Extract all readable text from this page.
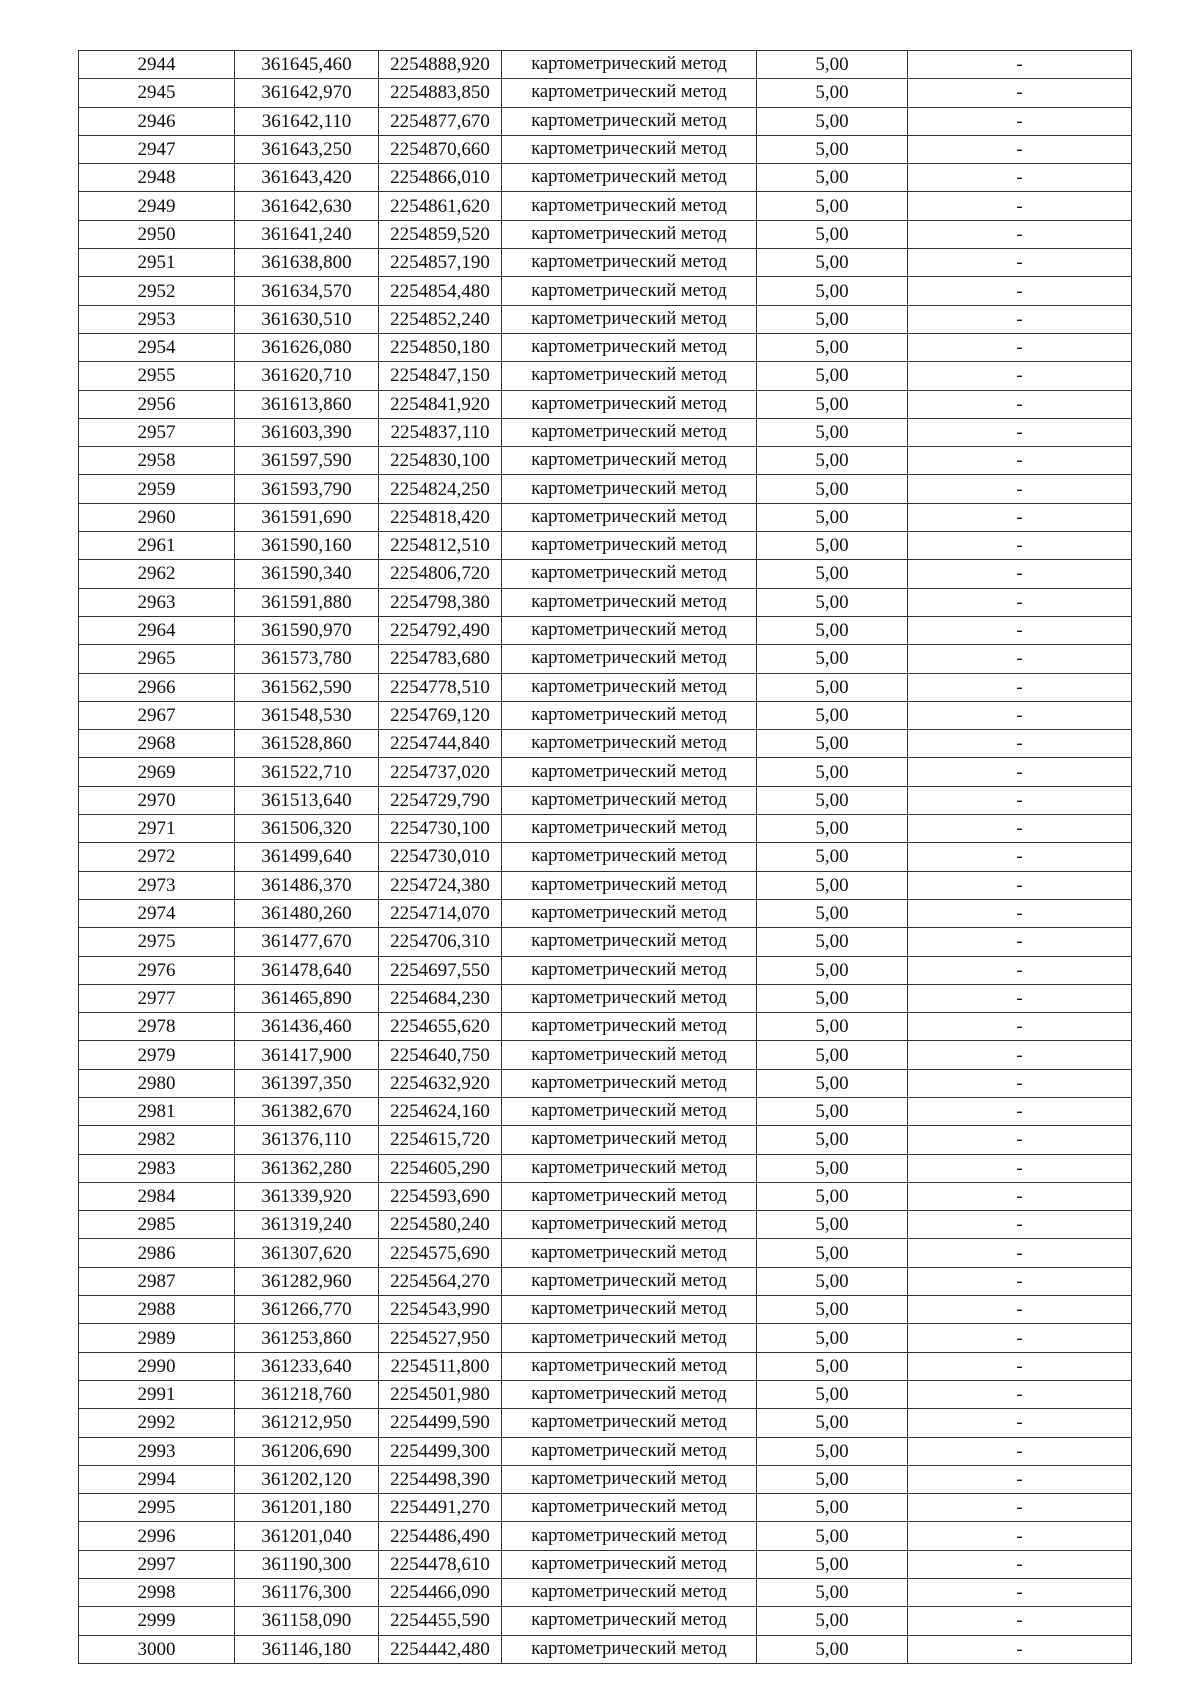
2944	361645,460	2254888,920	картометрический метод	5,00	-
2945	361642,970	2254883,850	картометрический метод	5,00	-
2946	361642,110	2254877,670	картометрический метод	5,00	-
2947	361643,250	2254870,660	картометрический метод	5,00	-
2948	361643,420	2254866,010	картометрический метод	5,00	-
2949	361642,630	2254861,620	картометрический метод	5,00	-
2950	361641,240	2254859,520	картометрический метод	5,00	-
2951	361638,800	2254857,190	картометрический метод	5,00	-
2952	361634,570	2254854,480	картометрический метод	5,00	-
2953	361630,510	2254852,240	картометрический метод	5,00	-
2954	361626,080	2254850,180	картометрический метод	5,00	-
2955	361620,710	2254847,150	картометрический метод	5,00	-
2956	361613,860	2254841,920	картометрический метод	5,00	-
2957	361603,390	2254837,110	картометрический метод	5,00	-
2958	361597,590	2254830,100	картометрический метод	5,00	-
2959	361593,790	2254824,250	картометрический метод	5,00	-
2960	361591,690	2254818,420	картометрический метод	5,00	-
2961	361590,160	2254812,510	картометрический метод	5,00	-
2962	361590,340	2254806,720	картометрический метод	5,00	-
2963	361591,880	2254798,380	картометрический метод	5,00	-
2964	361590,970	2254792,490	картометрический метод	5,00	-
2965	361573,780	2254783,680	картометрический метод	5,00	-
2966	361562,590	2254778,510	картометрический метод	5,00	-
2967	361548,530	2254769,120	картометрический метод	5,00	-
2968	361528,860	2254744,840	картометрический метод	5,00	-
2969	361522,710	2254737,020	картометрический метод	5,00	-
2970	361513,640	2254729,790	картометрический метод	5,00	-
2971	361506,320	2254730,100	картометрический метод	5,00	-
2972	361499,640	2254730,010	картометрический метод	5,00	-
2973	361486,370	2254724,380	картометрический метод	5,00	-
2974	361480,260	2254714,070	картометрический метод	5,00	-
2975	361477,670	2254706,310	картометрический метод	5,00	-
2976	361478,640	2254697,550	картометрический метод	5,00	-
2977	361465,890	2254684,230	картометрический метод	5,00	-
2978	361436,460	2254655,620	картометрический метод	5,00	-
2979	361417,900	2254640,750	картометрический метод	5,00	-
2980	361397,350	2254632,920	картометрический метод	5,00	-
2981	361382,670	2254624,160	картометрический метод	5,00	-
2982	361376,110	2254615,720	картометрический метод	5,00	-
2983	361362,280	2254605,290	картометрический метод	5,00	-
2984	361339,920	2254593,690	картометрический метод	5,00	-
2985	361319,240	2254580,240	картометрический метод	5,00	-
2986	361307,620	2254575,690	картометрический метод	5,00	-
2987	361282,960	2254564,270	картометрический метод	5,00	-
2988	361266,770	2254543,990	картометрический метод	5,00	-
2989	361253,860	2254527,950	картометрический метод	5,00	-
2990	361233,640	2254511,800	картометрический метод	5,00	-
2991	361218,760	2254501,980	картометрический метод	5,00	-
2992	361212,950	2254499,590	картометрический метод	5,00	-
2993	361206,690	2254499,300	картометрический метод	5,00	-
2994	361202,120	2254498,390	картометрический метод	5,00	-
2995	361201,180	2254491,270	картометрический метод	5,00	-
2996	361201,040	2254486,490	картометрический метод	5,00	-
2997	361190,300	2254478,610	картометрический метод	5,00	-
2998	361176,300	2254466,090	картометрический метод	5,00	-
2999	361158,090	2254455,590	картометрический метод	5,00	-
3000	361146,180	2254442,480	картометрический метод	5,00	-
